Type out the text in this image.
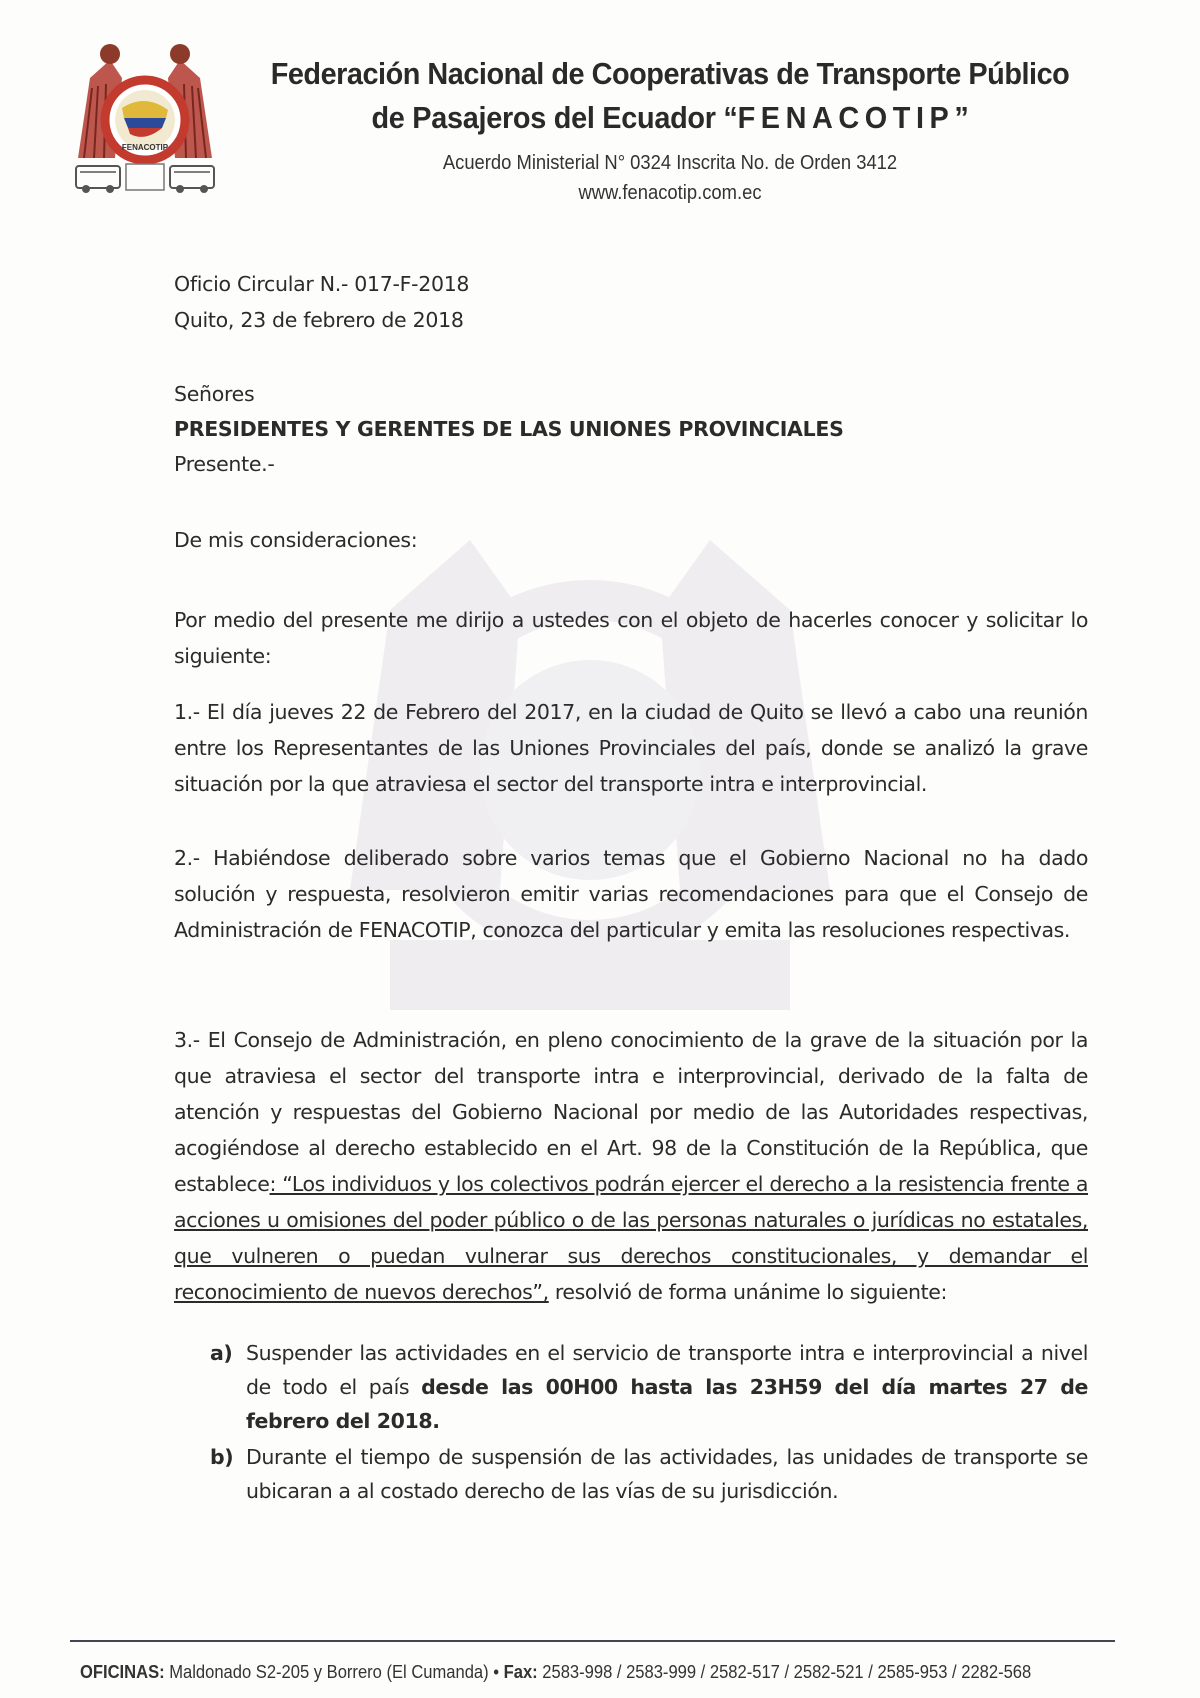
FENACOTIP
Federación Nacional de Cooperativas de Transporte Público
de Pasajeros del Ecuador “FENACOTIP”
Acuerdo Ministerial N° 0324 Inscrita No. de Orden 3412
www.fenacotip.com.ec
Oficio Circular N.- 017-F-2018
Quito, 23 de febrero de 2018
Señores
PRESIDENTES Y GERENTES DE LAS UNIONES PROVINCIALES
Presente.-
De mis consideraciones:
Por medio del presente me dirijo a ustedes con el objeto de hacerles conocer y solicitar lo siguiente:
1.- El día jueves 22 de Febrero del 2017, en la ciudad de Quito se llevó a cabo una reunión entre los Representantes de las Uniones Provinciales del país, donde se analizó la grave situación por la que atraviesa el sector del transporte intra e interprovincial.
2.- Habiéndose deliberado sobre varios temas que el Gobierno Nacional no ha dado solución y respuesta, resolvieron emitir varias recomendaciones para que el Consejo de Administración de FENACOTIP, conozca del particular y emita las resoluciones respectivas.
3.- El Consejo de Administración, en pleno conocimiento de la grave de la situación por la que atraviesa el sector del transporte intra e interprovincial, derivado de la falta de atención y respuestas del Gobierno Nacional por medio de las Autoridades respectivas, acogiéndose al derecho establecido en el Art. 98 de la Constitución de la República, que establece: “Los individuos y los colectivos podrán ejercer el derecho a la resistencia frente a acciones u omisiones del poder público o de las personas naturales o jurídicas no estatales, que vulneren o puedan vulnerar sus derechos constitucionales, y demandar el reconocimiento de nuevos derechos”, resolvió de forma unánime lo siguiente:
a) Suspender las actividades en el servicio de transporte intra e interprovincial a nivel de todo el país desde las 00H00 hasta las 23H59 del día martes 27 de febrero del 2018.
b) Durante el tiempo de suspensión de las actividades, las unidades de transporte se ubicaran a al costado derecho de las vías de su jurisdicción.
OFICINAS: Maldonado S2-205 y Borrero (El Cumanda) • Fax: 2583-998 / 2583-999 / 2582-517 / 2582-521 / 2585-953 / 2282-568
